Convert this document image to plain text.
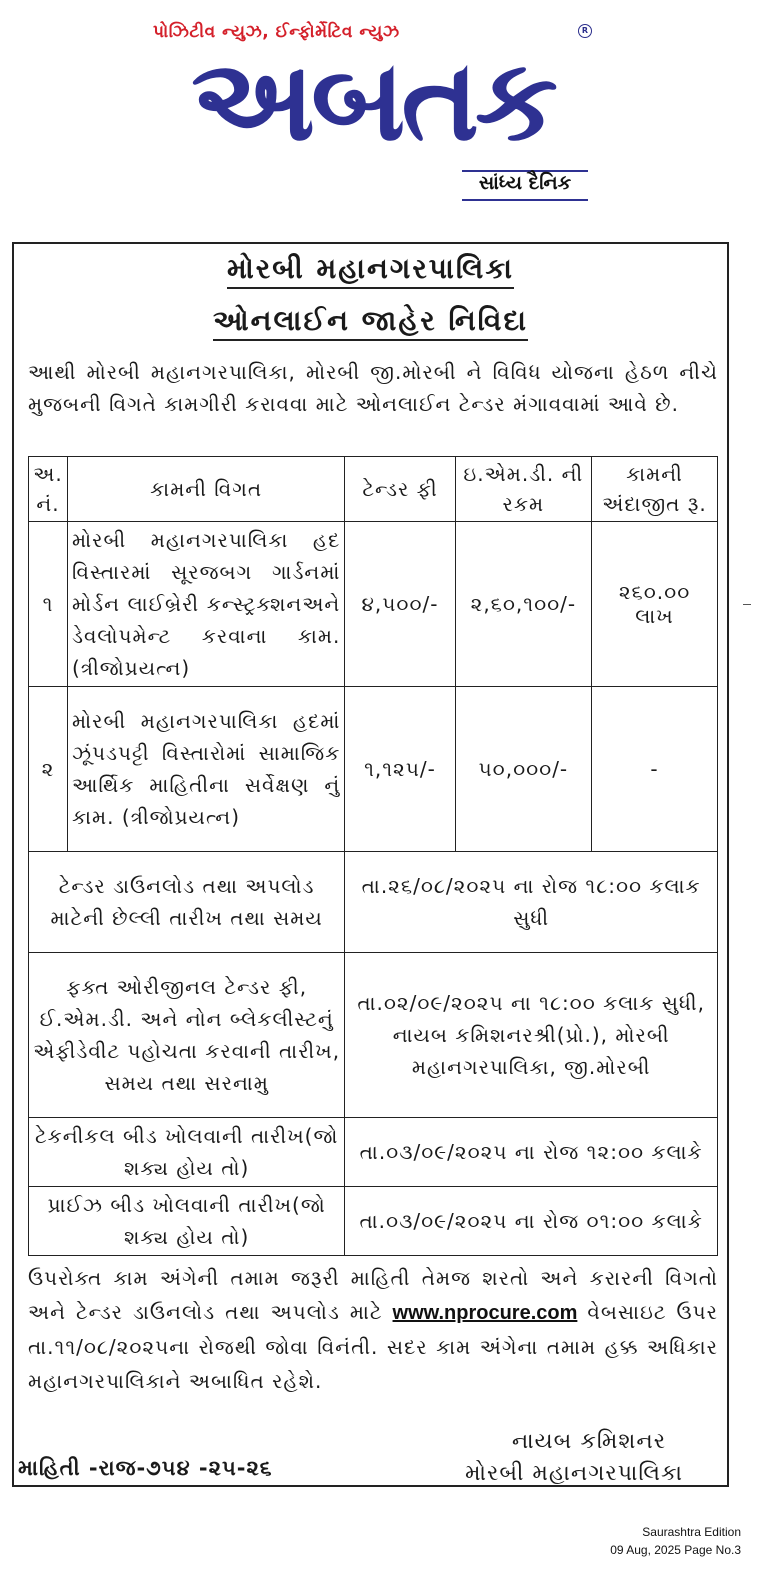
પોઝિટીવ ન્યુઝ, ઈન્ફોર્મેટિવ ન્યુઝ	R
અબતક
સાંધ્ય દૈનિક
મોરબી મહાનગરપાલિકા
ઓનલાઈન જાહેર નિવિદા
આથી મોરબી મહાનગરપાલિકા, મોરબી જી.મોરબી ને વિવિધ યોજના હેઠળ નીચે મુજબની વિગતે કામગીરી કરાવવા માટે ઓનલાઈન ટેન્ડર મંગાવવામાં આવે છે.
અ. નં.	કામની વિગત	ટેન્ડર ફી	ઇ.એમ.ડી. ની રકમ	કામની અંદાજીત રૂ.
૧	મોરબી મહાનગરપાલિકા હદ વિસ્તારમાં સૂરજબગ ગાર્ડનમાં મોર્ડન લાઈબ્રેરી કન્સ્ટ્રક્શનઅને ડેવલોપમેન્ટ કરવાના કામ.(ત્રીજોપ્રયત્ન)	૪,૫૦૦/-	૨,૬૦,૧૦૦/-	૨૬૦.૦૦ લાખ
૨	મોરબી મહાનગરપાલિકા હદમાં ઝૂંપડપટ્ટી વિસ્તારોમાં સામાજિક આર્થિક માહિતીના સર્વેક્ષણ નું કામ. (ત્રીજોપ્રયત્ન)	૧,૧૨૫/-	૫૦,૦૦૦/-	-
ટેન્ડર ડાઉનલોડ તથા અપલોડ માટેની છેલ્લી તારીખ તથા સમય		તા.૨૬/૦૮/૨૦૨૫ ના રોજ ૧૮:૦૦ કલાક સુધી		
ફક્ત ઓરીજીનલ ટેન્ડર ફી, ઈ.એમ.ડી. અને નોન બ્લેકલીસ્ટનું એફીડેવીટ પહોચતા કરવાની તારીખ, સમય તથા સરનામુ		તા.૦૨/૦૯/૨૦૨૫ ના ૧૮:૦૦ કલાક સુધી, નાયબ કમિશનરશ્રી(પ્રો.), મોરબી મહાનગરપાલિકા, જી.મોરબી		
ટેકનીકલ બીડ ખોલવાની તારીખ(જો શક્ય હોય તો)		તા.૦૩/૦૯/૨૦૨૫ ના રોજ ૧૨:૦૦ કલાકે		
પ્રાઈઝ બીડ ખોલવાની તારીખ(જો શક્ય હોય તો)		તા.૦૩/૦૯/૨૦૨૫ ના રોજ ૦૧:૦૦ કલાકે		
ઉપરોક્ત કામ અંગેની તમામ જરૂરી માહિતી તેમજ શરતો અને કરારની વિગતો અને ટેન્ડર ડાઉનલોડ તથા અપલોડ માટે www.nprocure.com વેબસાઇટ ઉપર તા.૧૧/૦૮/૨૦૨૫ના રોજથી જોવા વિનંતી. સદર કામ અંગેના તમામ હક્ક અધિકાર મહાનગરપાલિકાને અબાધિત રહેશે.
નાયબ કમિશનર
માહિતી -રાજ-૭૫૪ -૨૫-૨૬	મોરબી મહાનગરપાલિકા
Saurashtra Edition
09 Aug, 2025 Page No.3
